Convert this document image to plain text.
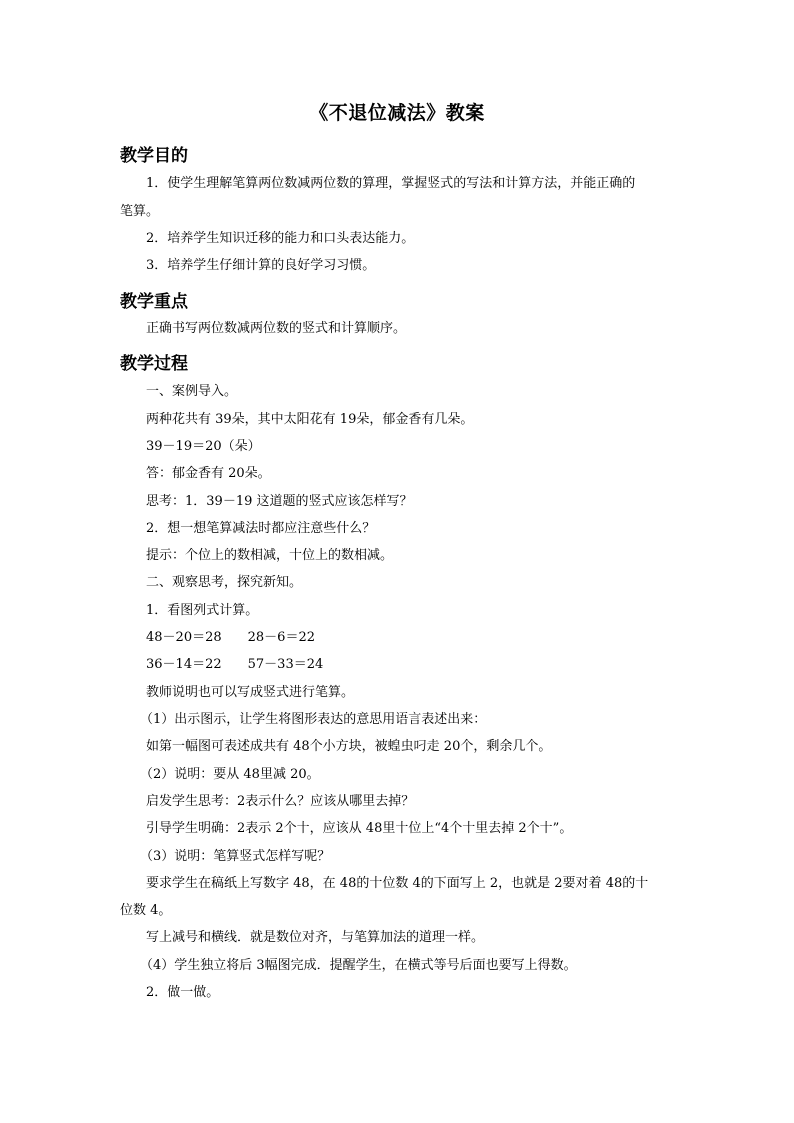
《不退位减法》教案
教学目的
1．使学生理解笔算两位数减两位数的算理，掌握竖式的写法和计算方法，并能正确的
笔算。
2．培养学生知识迁移的能力和口头表达能力。
3．培养学生仔细计算的良好学习习惯。
教学重点
正确书写两位数减两位数的竖式和计算顺序。
教学过程
一、案例导入。
两种花共有 39朵，其中太阳花有 19朵，郁金香有几朵。
39－19＝20（朵）
答：郁金香有 20朵。
思考：1．39－19 这道题的竖式应该怎样写？
2．想一想笔算减法时都应注意些什么？
提示：个位上的数相减，十位上的数相减。
二、观察思考，探究新知。
1．看图列式计算。
48－20＝28 28－6＝22
36－14＝22 57－33＝24
教师说明也可以写成竖式进行笔算。
（1）出示图示，让学生将图形表达的意思用语言表述出来：
如第一幅图可表述成共有 48个小方块，被蝗虫叼走 20个，剩余几个。
（2）说明：要从 48里减 20。
启发学生思考：2表示什么？应该从哪里去掉？
引导学生明确：2表示 2个十，应该从 48里十位上“4个十里去掉 2个十”。
（3）说明：笔算竖式怎样写呢？
要求学生在稿纸上写数字 48，在 48的十位数 4的下面写上 2，也就是 2要对着 48的十
位数 4。
写上减号和横线．就是数位对齐，与笔算加法的道理一样。
（4）学生独立将后 3幅图完成．提醒学生，在横式等号后面也要写上得数。
2．做一做。
